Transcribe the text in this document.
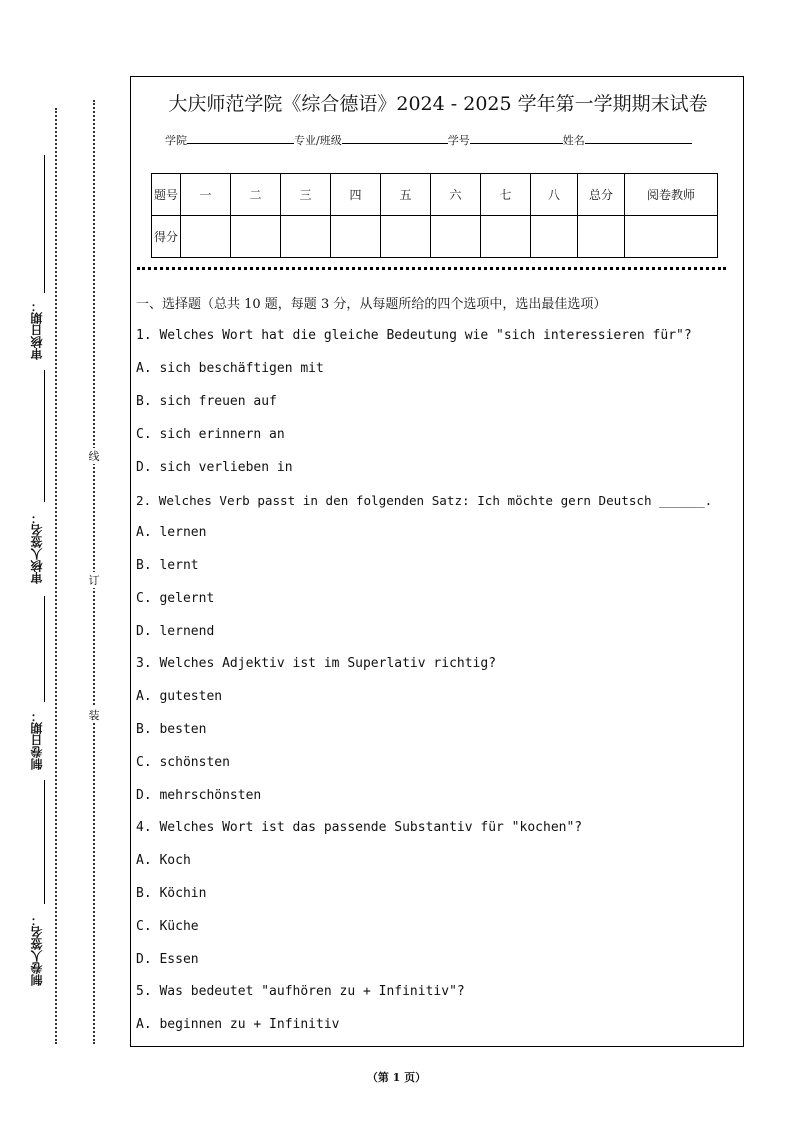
审核日期：
审核人签名：
制卷日期：
制卷人签名：
线
订
装
大庆师范学院《综合德语》2024 - 2025 学年第一学期期末试卷
学院	专业/班级	学号	姓名
题号	一	二	三	四	五	六	七	八	总分	阅卷教师
得分										
一、选择题（总共 10 题，每题 3 分，从每题所给的四个选项中，选出最佳选项）
1. Welches Wort hat die gleiche Bedeutung wie "sich interessieren für"?
A. sich beschäftigen mit
B. sich freuen auf
C. sich erinnern an
D. sich verlieben in
2. Welches Verb passt in den folgenden Satz: Ich möchte gern Deutsch ______.
A. lernen
B. lernt
C. gelernt
D. lernend
3. Welches Adjektiv ist im Superlativ richtig?
A. gutesten
B. besten
C. schönsten
D. mehrschönsten
4. Welches Wort ist das passende Substantiv für "kochen"?
A. Koch
B. Köchin
C. Küche
D. Essen
5. Was bedeutet "aufhören zu + Infinitiv"?
A. beginnen zu + Infinitiv
（第 1 页）
